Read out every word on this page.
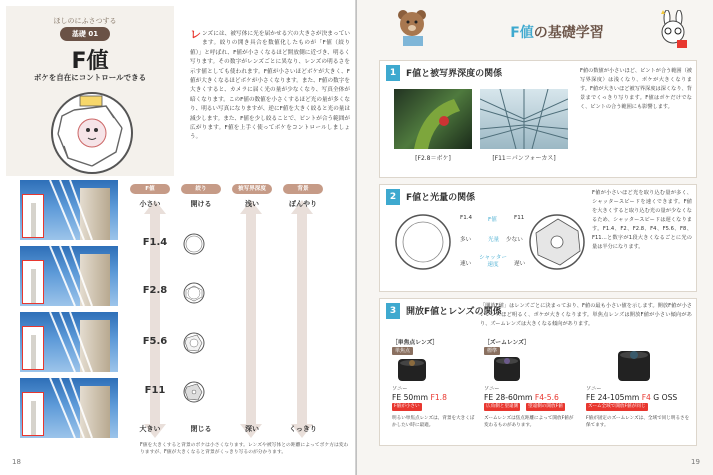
ほしのにふさつする
基礎 01
F値
ボケを自在にコントロールできる
レンズには、被写体に光を届かせる穴の大きさが決まっています。絞りの開き具合を数値化したものが「F値（絞り値）」と呼ばれ、F値が小さくなるほど開放側に近づき、明るく写ります。その数字がレンズごとに異なり、レンズの明るさを示す値としても使われます。F値が小さいほどボケが大きく、F値が大きくなるほどボケが小さくなります。また、F値の数字を大きくすると、カメラに届く光の量が少なくなり、写真全体が暗くなります。このF値の数値を小さくするほど光の量が多くなり、明るい写真になりますが、逆にF値を大きく絞ると光の量は減少します。また、F値を少し絞ることで、ピントが合う範囲が広がります。F値を上手く使ってボケをコントロールしましょう。
F値	絞り	被写界深度	背景
小さい	開ける	浅い	ぼんやり
F1.4
F2.8
F5.6
F11
大きい	閉じる	深い	くっきり
F値を大きくすると背景のボケは小さくなります。レンズや被写体との距離によってボケ方は変わりますが、F値が大きくなると背景がくっきり写るのが分かります。
18
F値の基礎学習
1	F値と被写界深度の関係
[F2.8＝ボケ]	[F11＝パンフォーカス]
F値の数値が小さいほど、ピントが合う範囲（被写界深度）は浅くなり、ボケが大きくなります。F値が大きいほど被写界深度は深くなり、背景までくっきり写ります。F値はボケだけでなく、ピントの合う範囲にも影響します。
2	F値と光量の関係
F1.4	F値	F11
多い	光量 少ない
速い
シャッター速度	遅い
F値が小さいほど光を取り込む量が多く、シャッタースピードを速くできます。F値を大きくすると取り込む光の量が少なくなるため、シャッタースピードは遅くなります。F1.4、F2、F2.8、F4、F5.6、F8、F11…と数字が1段大きくなるごとに光の量は半分になります。
3	開放F値とレンズの関係
「開放F値」はレンズごとに決まっており、F値の最も小さい値を示します。開放F値が小さいレンズほど明るく、ボケが大きくなります。単焦点レンズは開放F値が小さい傾向があり、ズームレンズは大きくなる傾向があります。
［単焦点レンズ］	［ズームレンズ］
単焦点
ソニー
FE 50mm F1.8
F値が小さい
明るい単焦点レンズは、背景を大きくぼかしたい時に最適。
標準
ソニー
FE 28-60mm F4-5.6
広角側と望遠側	望遠側の開放F値
ズームレンズは焦点距離によって開放F値が変わるものがあります。
ソニー
FE 24-105mm F4 G OSS
ズーム全域で開放F値が同じ
F値が固定のズームレンズは、全域で同じ明るさを保てます。
19
